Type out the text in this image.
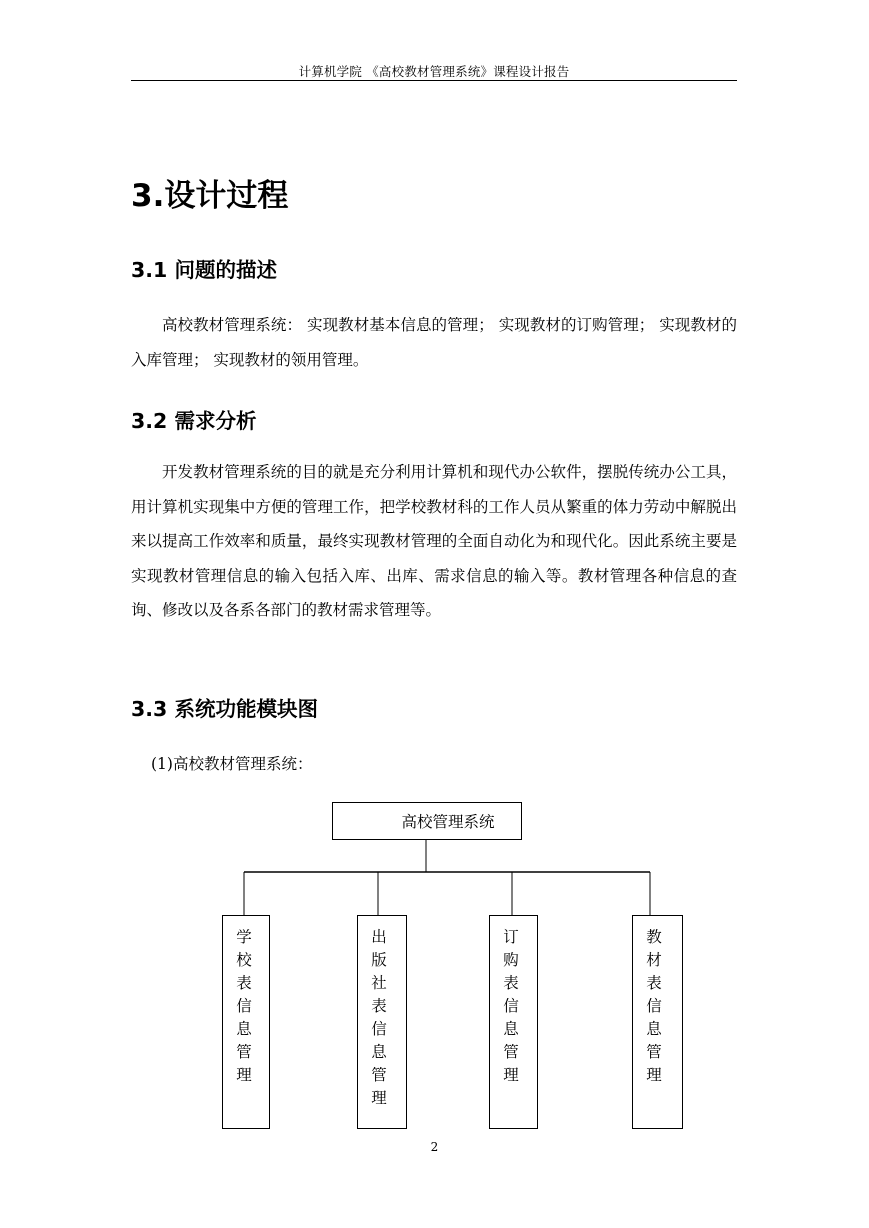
计算机学院 《高校教材管理系统》课程设计报告
3.设计过程
3.1 问题的描述
高校教材管理系统： 实现教材基本信息的管理； 实现教材的订购管理； 实现教材的入库管理； 实现教材的领用管理。
3.2 需求分析
开发教材管理系统的目的就是充分利用计算机和现代办公软件，摆脱传统办公工具，用计算机实现集中方便的管理工作，把学校教材科的工作人员从繁重的体力劳动中解脱出来以提高工作效率和质量，最终实现教材管理的全面自动化为和现代化。因此系统主要是实现教材管理信息的输入包括入库、出库、需求信息的输入等。教材管理各种信息的查询、修改以及各系各部门的教材需求管理等。
3.3 系统功能模块图
(1)高校教材管理系统：
高校管理系统
学校表信息管理
出版社表信息管理
订购表信息管理
教材表信息管理
2
